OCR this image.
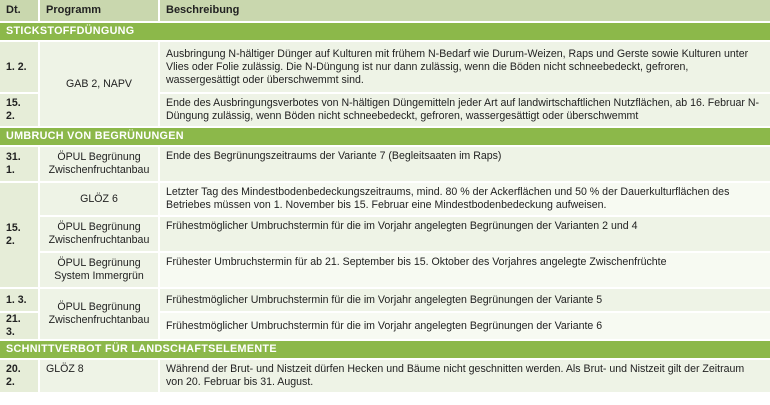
Dt.	Programm	Beschreibung
STICKSTOFFDÜNGUNG		
1. 2.	GAB 2, NAPV	Ausbringung N-hältiger Dünger auf Kulturen mit frühem N-Bedarf wie Durum-Weizen, Raps und Gerste sowie Kulturen unter Vlies oder Folie zulässig. Die N-Düngung ist nur dann zulässig, wenn die Böden nicht schneebedeckt, gefroren, wassergesättigt oder überschwemmt sind.
15. 2.		Ende des Ausbringungsverbotes von N-hältigen Düngemitteln jeder Art auf landwirtschaftlichen Nutzflächen, ab 16. Februar N-Düngung zulässig, wenn Böden nicht schneebedeckt, gefroren, wassergesättigt oder überschwemmt
UMBRUCH VON BEGRÜNUNGEN		
31. 1.	ÖPUL Begrünung Zwischenfruchtanbau	Ende des Begrünungszeitraums der Variante 7 (Begleitsaaten im Raps)
15. 2.	GLÖZ 6	Letzter Tag des Mindestbodenbedeckungszeitraums, mind. 80 % der Ackerflächen und 50 % der Dauerkulturflächen des Betriebes müssen von 1. November bis 15. Februar eine Mindestbodenbedeckung aufweisen.
	ÖPUL Begrünung Zwischenfruchtanbau	Frühestmöglicher Umbruchstermin für die im Vorjahr angelegten Begrünungen der Varianten 2 und 4
	ÖPUL Begrünung System Immergrün	Frühester Umbruchstermin für ab 21. September bis 15. Oktober des Vorjahres angelegte Zwischenfrüchte
1. 3.	ÖPUL Begrünung Zwischenfruchtanbau	Frühestmöglicher Umbruchstermin für die im Vorjahr angelegten Begrünungen der Variante 5
21. 3.		Frühestmöglicher Umbruchstermin für die im Vorjahr angelegten Begrünungen der Variante 6
SCHNITTVERBOT FÜR LANDSCHAFTSELEMENTE		
20. 2.	GLÖZ 8	Während der Brut- und Nistzeit dürfen Hecken und Bäume nicht geschnitten werden. Als Brut- und Nistzeit gilt der Zeitraum von 20. Februar bis 31. August.
